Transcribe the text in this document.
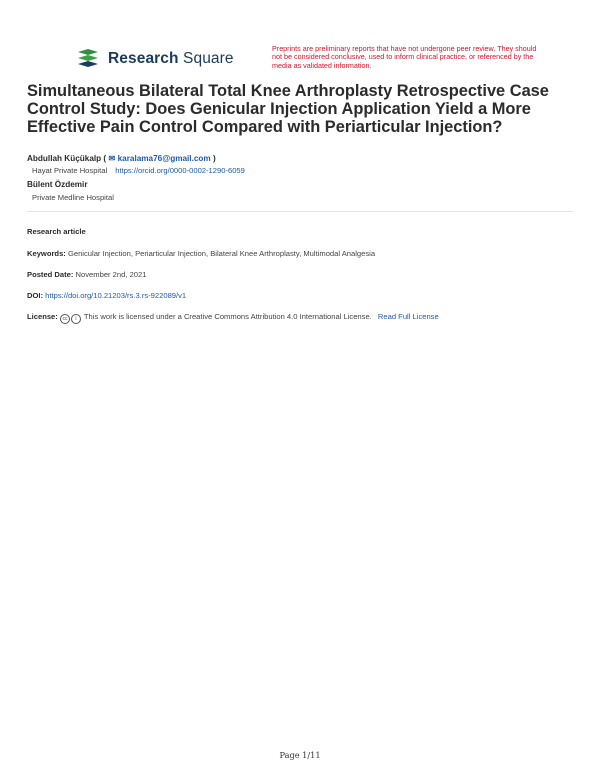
Research Square
Preprints are preliminary reports that have not undergone peer review. They should not be considered conclusive, used to inform clinical practice, or referenced by the media as validated information.
Simultaneous Bilateral Total Knee Arthroplasty Retrospective Case Control Study: Does Genicular Injection Application Yield a More Effective Pain Control Compared with Periarticular Injection?
Abdullah Küçükalp ( ✉ karalama76@gmail.com )
Hayat Private Hospital https://orcid.org/0000-0002-1290-6059
Bülent Özdemir
Private Medline Hospital
Research article
Keywords: Genicular Injection, Periarticular Injection, Bilateral Knee Arthroplasty, Multimodal Analgesia
Posted Date: November 2nd, 2021
DOI: https://doi.org/10.21203/rs.3.rs-922089/v1
License: cc i This work is licensed under a Creative Commons Attribution 4.0 International License. Read Full License
Page 1/11
